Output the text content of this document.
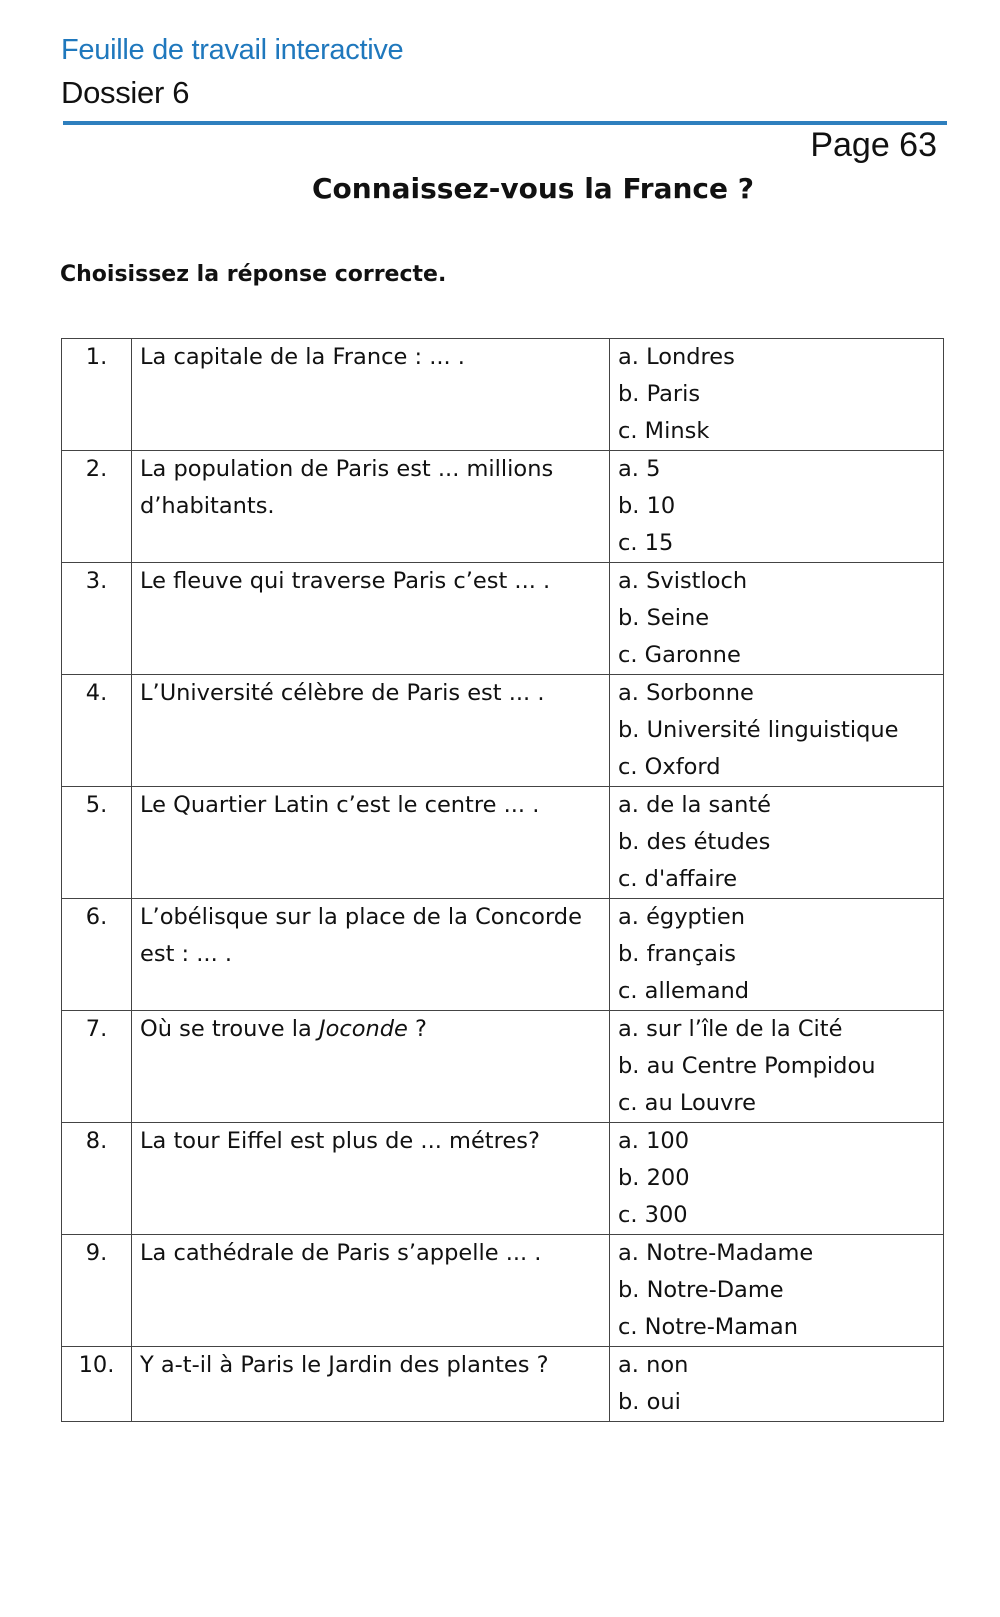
Feuille de travail interactive
Dossier 6
Page 63
Connaissez-vous la France ?
Choisissez la réponse correcte.
1.	La capitale de la France : ... .	a. Londres
b. Paris
c. Minsk

2.	La population de Paris est ... millions d’habitants.	a. 5
b. 10
c. 15

3.	Le fleuve qui traverse Paris c’est ... .	a. Svistloch
b. Seine
c. Garonne

4.	L’Université célèbre de Paris est ... .	a. Sorbonne
b. Université linguistique
c. Oxford

5.	Le Quartier Latin c’est le centre ... .	a. de la santé
b. des études
c. d'affaire

6.	L’obélisque sur la place de la Concorde est : ... .	a. égyptien
b. français
c. allemand

7.	Où se trouve la Joconde ?	a. sur l’île de la Cité
b. au Centre Pompidou
c. au Louvre

8.	La tour Eiffel est plus de ... métres?	a. 100
b. 200
c. 300

9.	La cathédrale de Paris s’appelle ... .	a. Notre-Madame
b. Notre-Dame
c. Notre-Maman

10.	Y a-t-il à Paris le Jardin des plantes ?	a. non
b. oui
